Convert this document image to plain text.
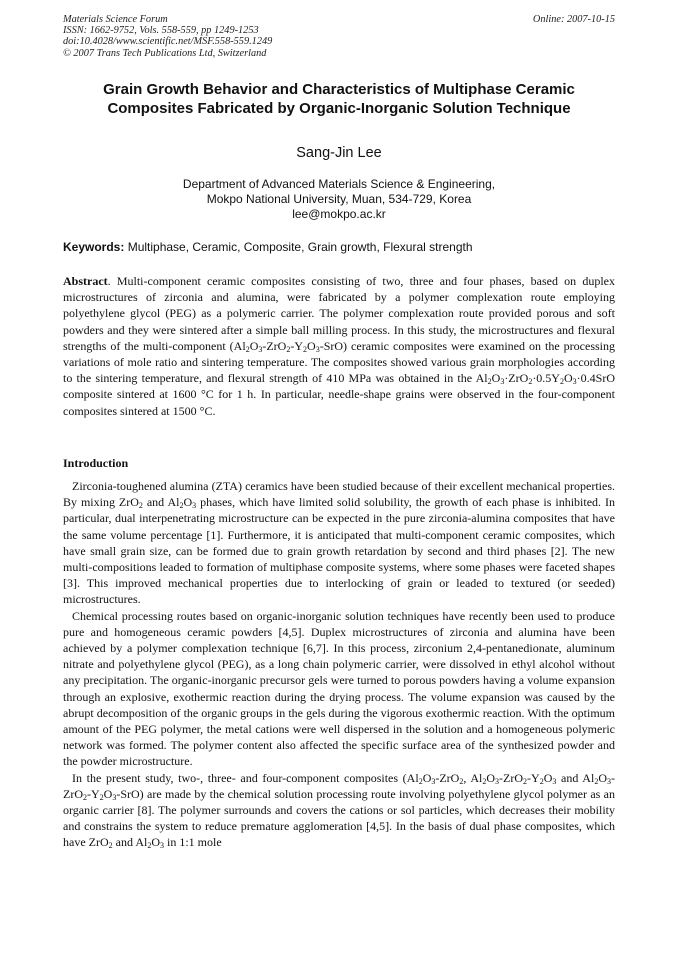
Materials Science Forum
ISSN: 1662-9752, Vols. 558-559, pp 1249-1253
doi:10.4028/www.scientific.net/MSF.558-559.1249
© 2007 Trans Tech Publications Ltd, Switzerland
Online: 2007-10-15
Grain Growth Behavior and Characteristics of Multiphase Ceramic
Composites Fabricated by Organic-Inorganic Solution Technique
Sang-Jin Lee
Department of Advanced Materials Science & Engineering,
Mokpo National University, Muan, 534-729, Korea
lee@mokpo.ac.kr
Keywords: Multiphase, Ceramic, Composite, Grain growth, Flexural strength
Abstract. Multi-component ceramic composites consisting of two, three and four phases, based on duplex microstructures of zirconia and alumina, were fabricated by a polymer complexation route employing polyethylene glycol (PEG) as a polymeric carrier. The polymer complexation route provided porous and soft powders and they were sintered after a simple ball milling process. In this study, the microstructures and flexural strengths of the multi-component $(Al_2O_3-ZrO_2-Y_2O_3-SrO)$ ceramic composites were examined on the processing variations of mole ratio and sintering temperature. The composites showed various grain morphologies according to the sintering temperature, and flexural strength of 410 MPa was obtained in the $Al_2O_3\cdot ZrO_2\cdot 0.5Y_2O_3\cdot 0.4SrO$ composite sintered at 1600 °C for 1 h. In particular, needle-shape grains were observed in the four-component composites sintered at 1500 °C.
Introduction

Zirconia-toughened alumina (ZTA) ceramics have been studied because of their excellent mechanical properties. By mixing ZrO$_2$ and $Al_2O_3$ phases, which have limited solid solubility, the growth of each phase is inhibited. In particular, dual interpenetrating microstructure can be expected in the pure zirconia-alumina composites that have the same volume percentage [1]. Furthermore, it is anticipated that multi-component ceramic composites, which have small grain size, can be formed due to grain growth retardation by second and third phases [2]. The new multi-compositions leaded to formation of multiphase composite systems, where some phases were faceted shapes [3]. This improved mechanical properties due to interlocking of grain or leaded to textured (or seeded) microstructures.

Chemical processing routes based on organic-inorganic solution techniques have recently been used to produce pure and homogeneous ceramic powders [4,5]. Duplex microstructures of zirconia and alumina have been achieved by a polymer complexation technique [6,7]. In this process, zirconium 2,4-pentanedionate, aluminum nitrate and polyethylene glycol (PEG), as a long chain polymeric carrier, were dissolved in ethyl alcohol without any precipitation. The organic-inorganic precursor gels were turned to porous powders having a volume expansion through an explosive, exothermic reaction during the drying process. The volume expansion was caused by the abrupt decomposition of the organic groups in the gels during the vigorous exothermic reaction. With the optimum amount of the PEG polymer, the metal cations were well dispersed in the solution and a homogeneous polymeric network was formed. The polymer content also affected the specific surface area of the synthesized powder and the powder microstructure.

In the present study, two-, three- and four-component composites ($Al_2O_3-ZrO_2$, $Al_2O_3-ZrO_2-Y_2O_3$ and $Al_2O_3-ZrO_2-Y_2O_3-SrO$) are made by the chemical solution processing route involving polyethylene glycol polymer as an organic carrier [8]. The polymer surrounds and covers the cations or sol particles, which decreases their mobility and constrains the system to reduce premature agglomeration [4,5]. In the basis of dual phase composites, which have ZrO$_2$ and $Al_2O_3$ in 1:1 mole
